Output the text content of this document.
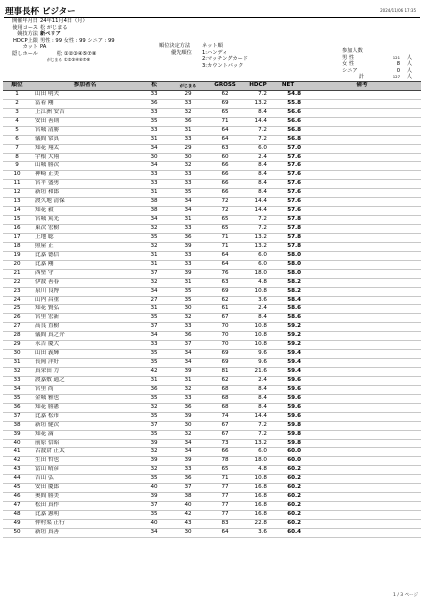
理事長杯 ビジター	2024/11/06 17:35
開催年月日 24年11月4日（月）
使用コース 松 がじまる
競技方法 新ペリア
HDCP上限 男性 : 99 女性 : 99 シニア : 99
カット PA
隠しホール	松 ①②③④⑤⑦⑧
がじまる ①②③④⑥⑦⑧
順位決定方法 ネット順
優先順位 1:ハンディ
2:マッチングカード
3:カウントバック
参加人数
男 性	121 人
女 性	8 人
シニア	0 人
計	127 人
順位	参加者名	松	がじまる	GROSS	HDCP	NET	備考
1	山田 明夫	33	29	62	7.2	54.8	
2	冨着 剛	36	33	69	13.2	55.8	
3	上江洲 安吉	33	32	65	8.4	56.6	
4	安田 善則	35	36	71	14.4	56.6	
5	宮城 清勝	33	31	64	7.2	56.8	
6	儀間 常真	31	33	64	7.2	56.8	
7	知花 翔太	34	29	63	6.0	57.0	
8	宇根 大翔	30	30	60	2.4	57.6	
9	山城 勝次	34	32	66	8.4	57.6	
10	神崎 正美	33	33	66	8.4	57.6	
11	宮平 盛勇	33	33	66	8.4	57.6	
12	新垣 和郎	31	35	66	8.4	57.6	
13	渡久地 清保	38	34	72	14.4	57.6	
14	知花 毅	38	34	72	14.4	57.6	
15	宮城 篤光	34	31	65	7.2	57.8	
16	東次 宏樹	32	33	65	7.2	57.8	
17	上地 聡	35	36	71	13.2	57.8	
18	照屋 正	32	39	71	13.2	57.8	
19	比嘉 德信	31	33	64	6.0	58.0	
20	比嘉 剛	31	33	64	6.0	58.0	
21	西堅 守	37	39	76	18.0	58.0	
22	伊波 善春	32	31	63	4.8	58.2	
23	泉川 良博	34	35	69	10.8	58.2	
24	山内 昌重	27	35	62	3.6	58.4	
25	知花 賢弘	31	30	61	2.4	58.6	
26	宮里 宏新	35	32	67	8.4	58.6	
27	高良 直樹	37	33	70	10.8	59.2	
28	儀間 真之介	34	36	70	10.8	59.2	
29	永吉 慶大	33	37	70	10.8	59.2	
30	山田 義輝	35	34	69	9.6	59.4	
31	長岡 洋好	35	34	69	9.6	59.4	
32	真栄田 力	42	39	81	21.6	59.4	
33	渡嘉敷 通之	31	31	62	2.4	59.6	
34	宮里 尚	36	32	68	8.4	59.6	
35	金城 雅也	35	33	68	8.4	59.6	
36	知花 勝憲	32	36	68	8.4	59.6	
37	比嘉 松市	35	39	74	14.4	59.6	
38	新垣 健次	37	30	67	7.2	59.8	
39	知花 満	35	32	67	7.2	59.8	
40	前原 信昭	39	34	73	13.2	59.8	
41	古波倉 正太	32	34	66	6.0	60.0	
42	生田 哲也	39	39	78	18.0	60.0	
43	當山 晴彦	32	33	65	4.8	60.2	
44	吉山 弘	35	36	71	10.8	60.2	
45	安田 慶郎	40	37	77	16.8	60.2	
46	奥間 勝美	39	38	77	16.8	60.2	
47	松田 真作	37	40	77	16.8	60.2	
48	比嘉 憲明	35	42	77	16.8	60.2	
49	仲村渠 正行	40	43	83	22.8	60.2	
50	新垣 真善	34	30	64	3.6	60.4	
1 / 3 ページ
